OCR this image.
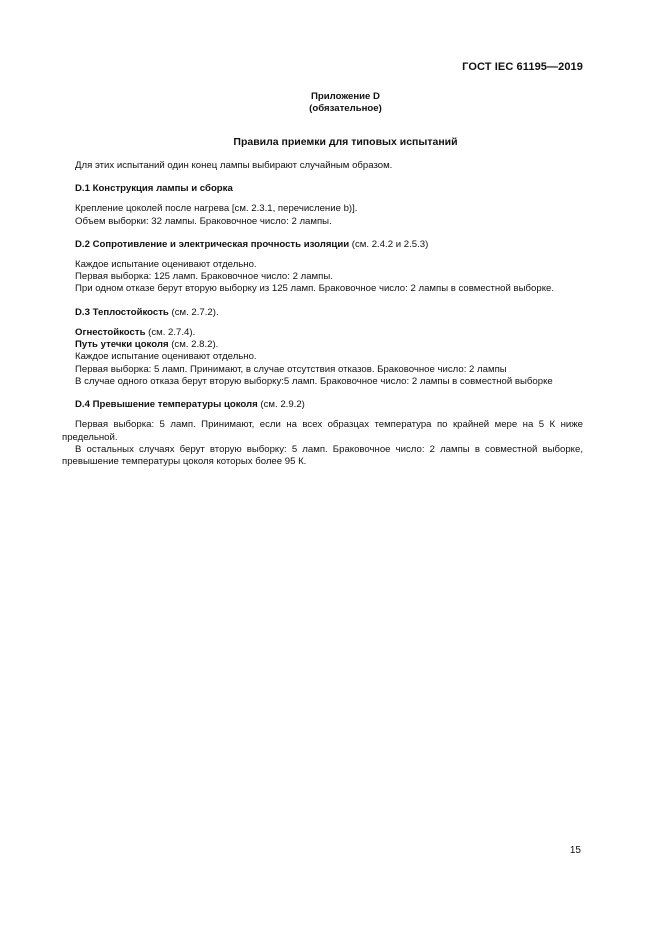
ГОСТ IEC 61195—2019
Приложение D
(обязательное)
Правила приемки для типовых испытаний

Для этих испытаний один конец лампы выбирают случайным образом.

D.1 Конструкция лампы и сборка

Крепление цоколей после нагрева [см. 2.3.1, перечисление b)].

Объем выборки: 32 лампы. Браковочное число: 2 лампы.

D.2 Сопротивление и электрическая прочность изоляции (см. 2.4.2 и 2.5.3)

Каждое испытание оценивают отдельно.

Первая выборка: 125 ламп. Браковочное число: 2 лампы.

При одном отказе берут вторую выборку из 125 ламп. Браковочное число: 2 лампы в совместной выборке.

D.3 Теплостойкость (см. 2.7.2).

Огнестойкость (см. 2.7.4).

Путь утечки цоколя (см. 2.8.2).

Каждое испытание оценивают отдельно.

Первая выборка: 5 ламп. Принимают, в случае отсутствия отказов. Браковочное число: 2 лампы

В случае одного отказа берут вторую выборку:5 ламп. Браковочное число: 2 лампы в совместной выборке

D.4 Превышение температуры цоколя (см. 2.9.2)

Первая выборка: 5 ламп. Принимают, если на всех образцах температура по крайней мере на 5 К ниже предельной.

В остальных случаях берут вторую выборку: 5 ламп. Браковочное число: 2 лампы в совместной выборке, превышение температуры цоколя которых более 95 К.

15
